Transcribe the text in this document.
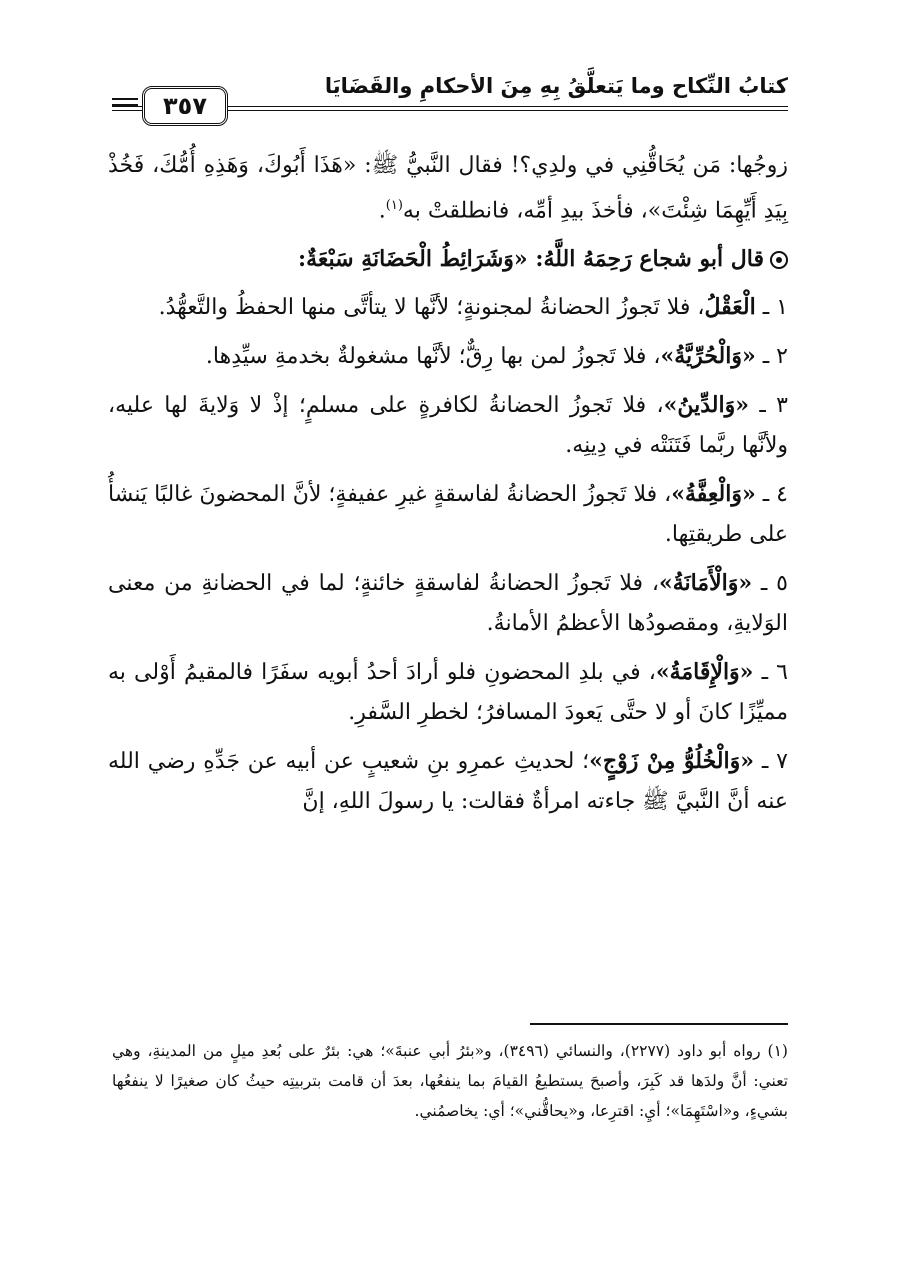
كتابُ النِّكاح وما يَتعلَّقُ بِهِ مِنَ الأحكامِ والقَضَايَا
٣٥٧

زوجُها: مَن يُحَاقُّنِي في ولدِي؟! فقال النَّبيُّ ﷺ: «هَذَا أَبُوكَ، وَهَذِهِ أُمُّكَ، فَخُذْ بِيَدِ أَيِّهِمَا شِئْتَ»، فأخذَ بيدِ أمِّه، فانطلقتْ به$^{(١)}$.

قال أبو شجاع رَحِمَهُ اللَّهُ: «وَشَرَائِطُ الْحَضَانَةِ سَبْعَةٌ:

١ ـ الْعَقْلُ، فلا تَجوزُ الحضانةُ لمجنونةٍ؛ لأنَّها لا يتأتَّى منها الحفظُ والتَّعهُّدُ.

٢ ـ «وَالْحُرِّيَّةُ»، فلا تَجوزُ لمن بها رِقٌّ؛ لأنَّها مشغولةٌ بخدمةِ سيِّدِها.

٣ ـ «وَالدِّينُ»، فلا تَجوزُ الحضانةُ لكافرةٍ على مسلمٍ؛ إذْ لا وَلايةَ لها عليه، ولأنَّها ربَّما فَتَنَتْه في دِينِه.

٤ ـ «وَالْعِفَّةُ»، فلا تَجوزُ الحضانةُ لفاسقةٍ غيرِ عفيفةٍ؛ لأنَّ المحضونَ غالبًا يَنشأُ على طريقتِها.

٥ ـ «وَالْأَمَانَةُ»، فلا تَجوزُ الحضانةُ لفاسقةٍ خائنةٍ؛ لما في الحضانةِ من معنى الوَلايةِ، ومقصودُها الأعظمُ الأمانةُ.

٦ ـ «وَالْإِقَامَةُ»، في بلدِ المحضونِ فلو أرادَ أحدُ أبويه سفَرًا فالمقيمُ أَوْلى به مميِّزًا كانَ أو لا حتَّى يَعودَ المسافرُ؛ لخطرِ السَّفرِ.

٧ ـ «وَالْخُلُوُّ مِنْ زَوْجٍ»؛ لحديثِ عمرِو بنِ شعيبٍ عن أبيه عن جَدِّهِ رضي الله عنه أنَّ النَّبيَّ ﷺ جاءته امرأةٌ فقالت: يا رسولَ اللهِ، إنَّ

(١) رواه أبو داود (٢٢٧٧)، والنسائي (٣٤٩٦)، و«بئرُ أبي عنبةَ»؛ هي: بئرٌ على بُعدِ ميلٍ من المدينةِ، وهي تعني: أنَّ ولدَها قد كَبِرَ، وأصبحَ يستطيعُ القيامَ بما ينفعُها، بعدَ أن قامت بتربيتِه حيثُ كان صغيرًا لا ينفعُها بشيءٍ، و«اسْتَهِمَا»؛ أيِ: اقترِعا، و«يحاقُّني»؛ أي: يخاصمُني.
